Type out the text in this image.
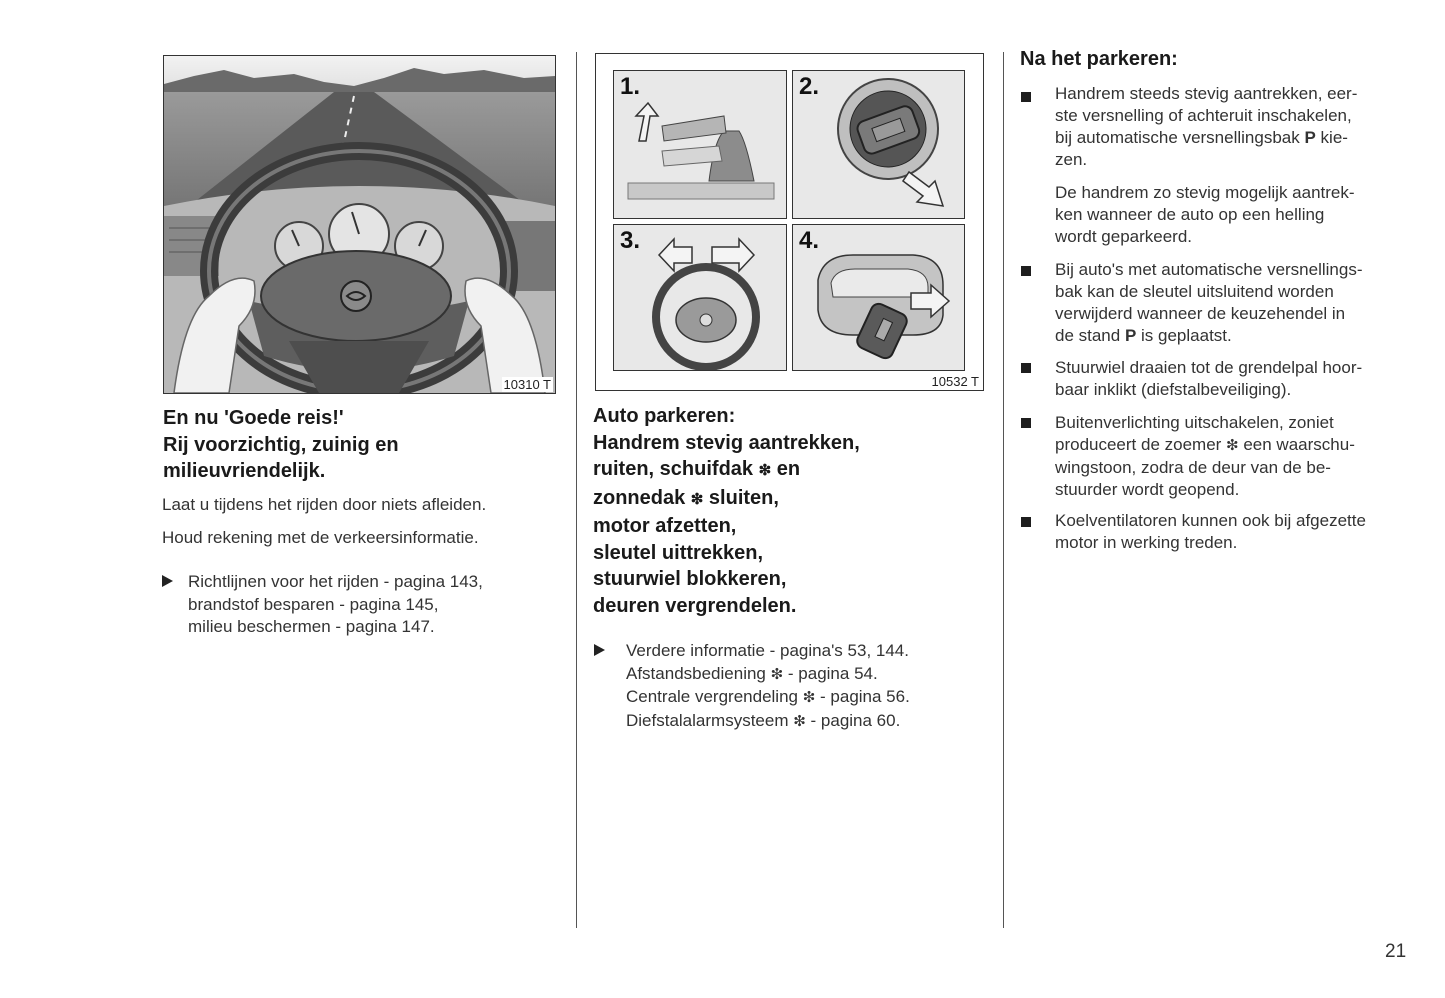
10310 T
En nu 'Goede reis!'
Rij voorzichtig, zuinig en
milieuvriendelijk.
Laat u tijdens het rijden door niets afleiden.
Houd rekening met de verkeersinformatie.
Richtlijnen voor het rijden - pagina 143,
brandstof besparen - pagina 145,
milieu beschermen - pagina 147.
1.	2.
3.	4.
10532 T
Auto parkeren:
Handrem stevig aantrekken,
ruiten, schuifdak ❇ en
zonnedak ❇ sluiten,
motor afzetten,
sleutel uittrekken,
stuurwiel blokkeren,
deuren vergrendelen.
Verdere informatie - pagina's 53, 144.
Afstandsbediening ❇ - pagina 54.
Centrale vergrendeling ❇ - pagina 56.
Diefstalalarmsysteem ❇ - pagina 60.
Na het parkeren:
Handrem steeds stevig aantrekken, eer-
ste versnelling of achteruit inschakelen,
bij automatische versnellingsbak P kie-
zen.
De handrem zo stevig mogelijk aantrek-
ken wanneer de auto op een helling
wordt geparkeerd.
Bij auto's met automatische versnellings-
bak kan de sleutel uitsluitend worden
verwijderd wanneer de keuzehendel in
de stand P is geplaatst.
Stuurwiel draaien tot de grendelpal hoor-
baar inklikt (diefstalbeveiliging).
Buitenverlichting uitschakelen, zoniet
produceert de zoemer ❇ een waarschu-
wingstoon, zodra de deur van de be-
stuurder wordt geopend.
Koelventilatoren kunnen ook bij afgezette
motor in werking treden.
21
